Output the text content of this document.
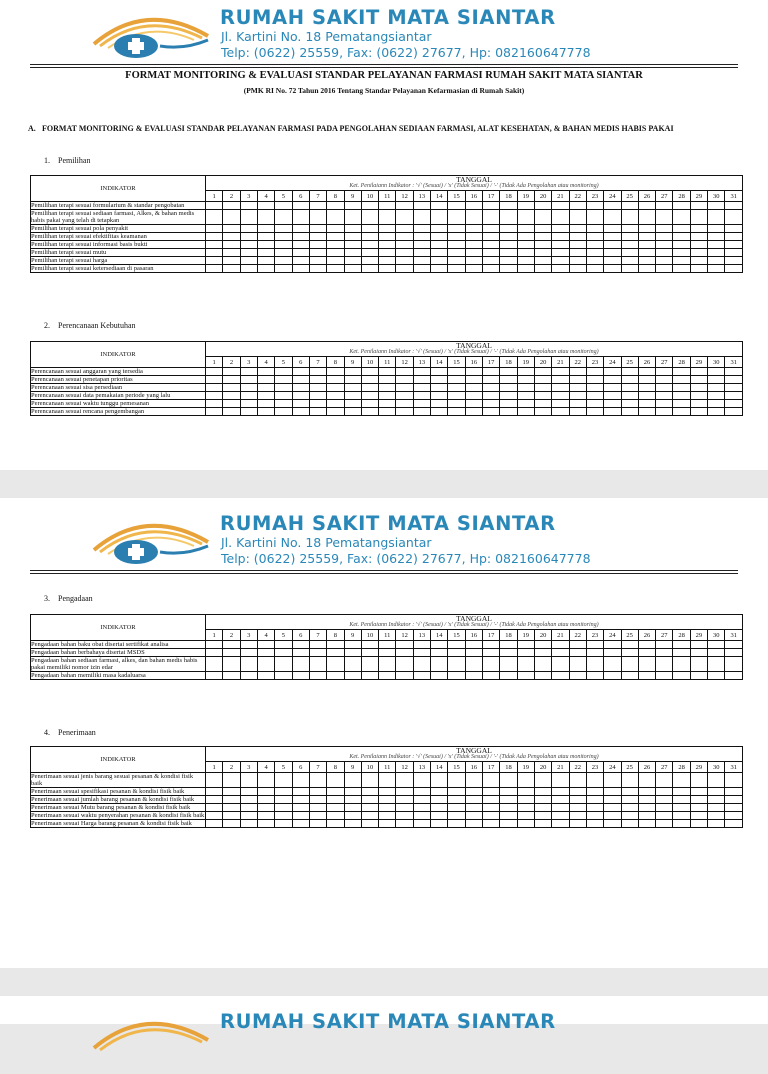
RUMAH SAKIT MATA SIANTAR
Jl. Kartini No. 18 Pematangsiantar
Telp: (0622) 25559, Fax: (0622) 27677, Hp: 082160647778
FORMAT MONITORING & EVALUASI STANDAR PELAYANAN FARMASI RUMAH SAKIT MATA SIANTAR
(PMK RI No. 72 Tahun 2016 Tentang Standar Pelayanan Kefarmasian di Rumah Sakit)
A. FORMAT MONITORING & EVALUASI STANDAR PELAYANAN FARMASI PADA PENGOLAHAN SEDIAAN FARMASI, ALAT KESEHATAN, & BAHAN MEDIS HABIS PAKAI
1. Pemilihan
INDIKATOR	TANGGAL
Ket. Penilaiann Indikator : '√' (Sesuai) / 'x' (Tidak Sesuai) / '-' (Tidak Ada Pengolahan atau monitoring)																														

	1	2	3	4	5	6	7	8	9	10	11	12	13	14	15	16	17	18	19	20	21	22	23	24	25	26	27	28	29	30	31
Pemilihan terapi sesuai formularium & standar pengobatan																															
Pemilihan terapi sesuai sediaan farmasi, Alkes, & bahan medis habis pakai yang telah di tetapkan																															
Pemilihan terapi sesuai pola penyakit																															
Pemilihan terapi sesuai efektifitas keamanan																															
Pemilihan terapi sesuai informasi basis bukti																															
Pemilihan terapi sesuai mutu																															
Pemilihan terapi sesuai harga																															
Pemilihan terapi sesuai ketersediaan di pasaran																															
2. Perencanaan Kebutuhan
INDIKATOR	TANGGAL
Ket. Penilaiann Indikator : '√' (Sesuai) / 'x' (Tidak Sesuai) / '-' (Tidak Ada Pengolahan atau monitoring)																														

	1	2	3	4	5	6	7	8	9	10	11	12	13	14	15	16	17	18	19	20	21	22	23	24	25	26	27	28	29	30	31
Perencanaan sesuai anggaran yang tersedia																															
Perencanaan sesuai penetapan prioritas																															
Perencanaan sesuai sisa persediaan																															
Perencanaan sesuai data pemakaian periode yang lalu																															
Perencanaan sesuai waktu tunggu pemesanan																															
Perencanaan sesuai rencana pengembangan																															
RUMAH SAKIT MATA SIANTAR
Jl. Kartini No. 18 Pematangsiantar
Telp: (0622) 25559, Fax: (0622) 27677, Hp: 082160647778
3. Pengadaan
INDIKATOR	TANGGAL
Ket. Penilaiann Indikator : '√' (Sesuai) / 'x' (Tidak Sesuai) / '-' (Tidak Ada Pengolahan atau monitoring)																														

	1	2	3	4	5	6	7	8	9	10	11	12	13	14	15	16	17	18	19	20	21	22	23	24	25	26	27	28	29	30	31
Pengadaan bahan baku obat disertai sertifikat analisa																															
Pengadaan bahan berbahaya disertai MSDS																															
Pengadaan bahan sediaan farmasi, alkes, dan bahan medis habis pakai memiliki nomor izin edar																															
Pengadaan bahan memiliki masa kadaluarsa																															
4. Penerimaan
INDIKATOR	TANGGAL
Ket. Penilaiann Indikator : '√' (Sesuai) / 'x' (Tidak Sesuai) / '-' (Tidak Ada Pengolahan atau monitoring)																														

	1	2	3	4	5	6	7	8	9	10	11	12	13	14	15	16	17	18	19	20	21	22	23	24	25	26	27	28	29	30	31
Penerimaan sesuai jenis barang sesuai pesanan & kondisi fisik baik																															
Penerimaan sesuai spesifikasi pesanan & kondisi fisik baik																															
Penerimaan sesuai jumlah barang pesanan & kondisi fisik baik																															
Penerimaan sesuai Mutu barang pesanan & kondisi fisik baik																															
Penerimaan sesuai waktu penyerahan pesanan & kondisi fisik baik																															
Penerimaan sesuai Harga barang pesanan & kondisi fisik baik																															
RUMAH SAKIT MATA SIANTAR
